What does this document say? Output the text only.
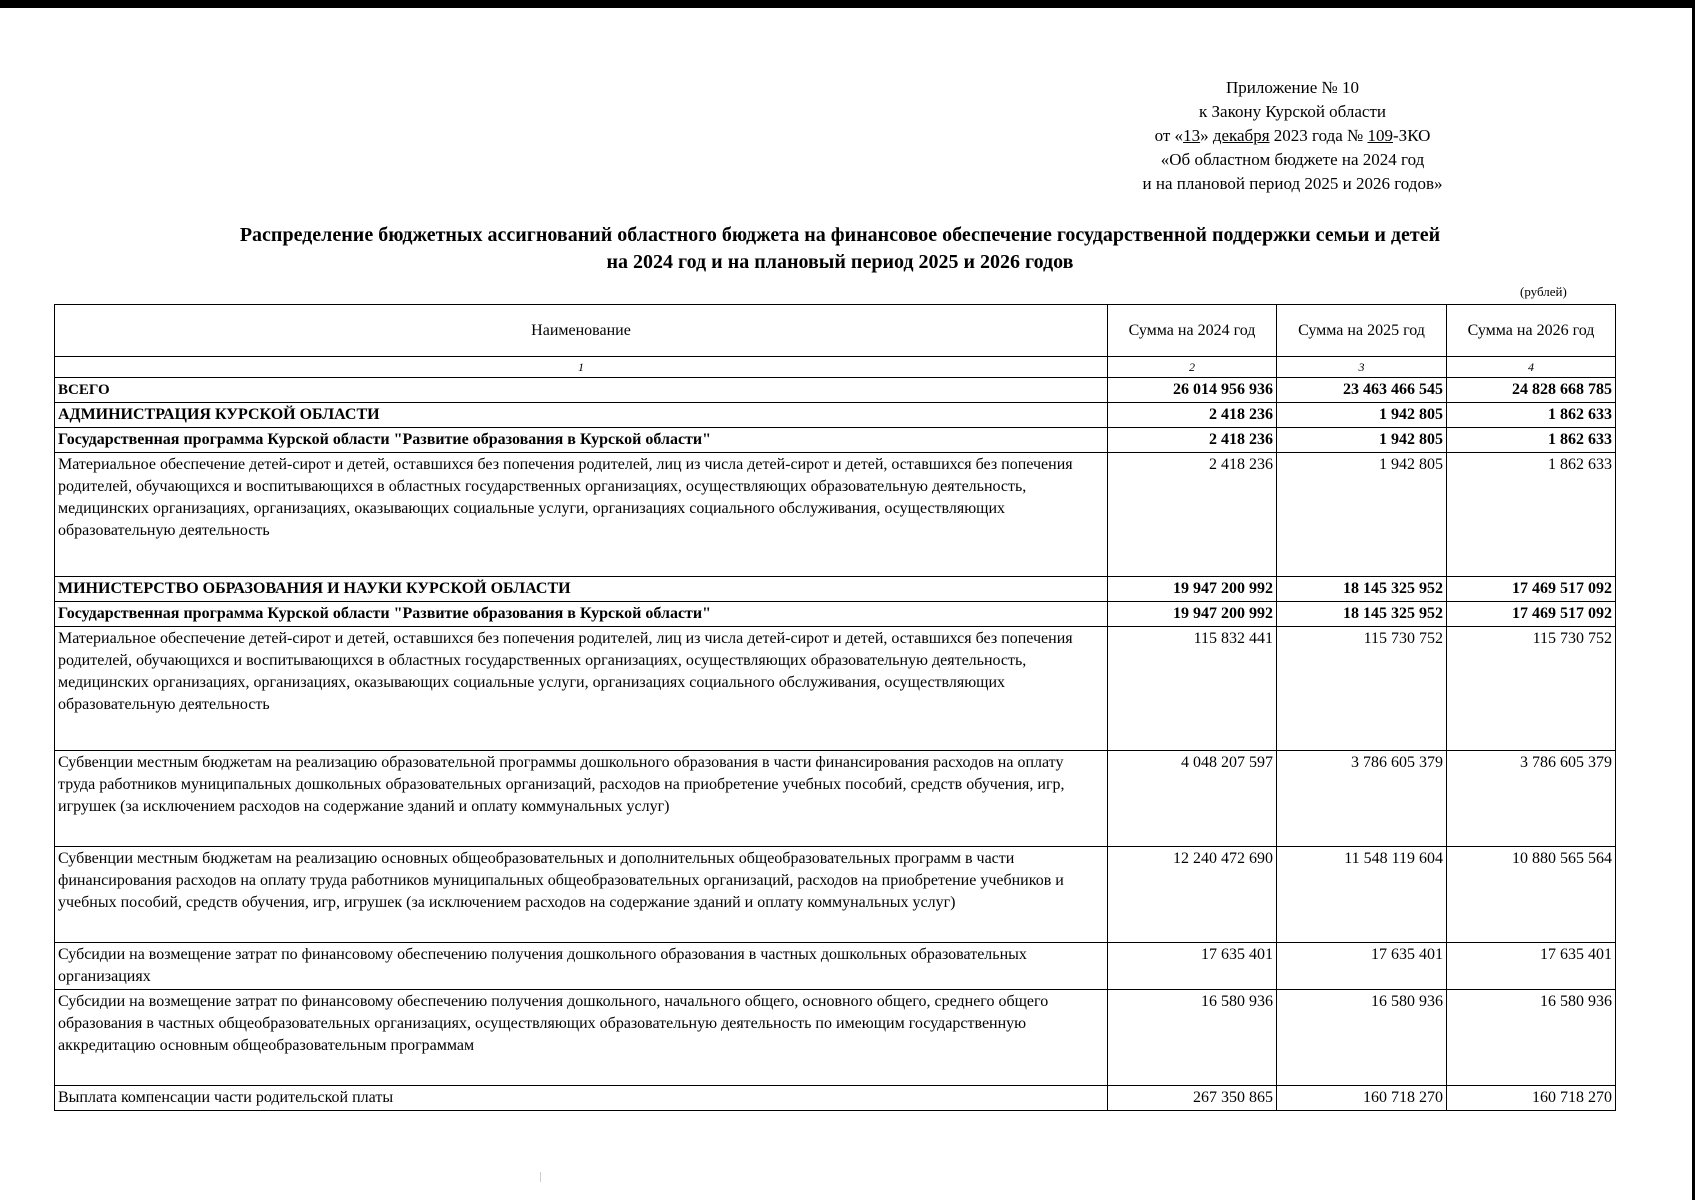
Приложение № 10
к Закону Курской области
от «13» декабря 2023 года № 109-ЗКО
«Об областном бюджете на 2024 год
и на плановой период 2025 и 2026 годов»
Распределение бюджетных ассигнований областного бюджета на финансовое обеспечение государственной поддержки семьи и детей
на 2024 год и на плановый период 2025 и 2026 годов
(рублей)
Наименование	Сумма на 2024 год	Сумма на 2025 год	Сумма на 2026 год
1	2	3	4
ВСЕГО	26 014 956 936	23 463 466 545	24 828 668 785
АДМИНИСТРАЦИЯ КУРСКОЙ ОБЛАСТИ	2 418 236	1 942 805	1 862 633
Государственная программа Курской области "Развитие образования в Курской области"	2 418 236	1 942 805	1 862 633
Материальное обеспечение детей-сирот и детей, оставшихся без попечения родителей, лиц из числа детей-сирот и детей, оставшихся без попечения родителей, обучающихся и воспитывающихся в областных государственных организациях, осуществляющих образовательную деятельность, медицинских организациях, организациях, оказывающих социальные услуги, организациях социального обслуживания, осуществляющих образовательную деятельность	2 418 236	1 942 805	1 862 633
МИНИСТЕРСТВО ОБРАЗОВАНИЯ И НАУКИ КУРСКОЙ ОБЛАСТИ	19 947 200 992	18 145 325 952	17 469 517 092
Государственная программа Курской области "Развитие образования в Курской области"	19 947 200 992	18 145 325 952	17 469 517 092
Материальное обеспечение детей-сирот и детей, оставшихся без попечения родителей, лиц из числа детей-сирот и детей, оставшихся без попечения родителей, обучающихся и воспитывающихся в областных государственных организациях, осуществляющих образовательную деятельность, медицинских организациях, организациях, оказывающих социальные услуги, организациях социального обслуживания, осуществляющих образовательную деятельность	115 832 441	115 730 752	115 730 752
Субвенции местным бюджетам на реализацию образовательной программы дошкольного образования в части финансирования расходов на оплату труда работников муниципальных дошкольных образовательных организаций, расходов на приобретение учебных пособий, средств обучения, игр, игрушек (за исключением расходов на содержание зданий и оплату коммунальных услуг)	4 048 207 597	3 786 605 379	3 786 605 379
Субвенции местным бюджетам на реализацию основных общеобразовательных и дополнительных общеобразовательных программ в части финансирования расходов на оплату труда работников муниципальных общеобразовательных организаций, расходов на приобретение учебников и учебных пособий, средств обучения, игр, игрушек (за исключением расходов на содержание зданий и оплату коммунальных услуг)	12 240 472 690	11 548 119 604	10 880 565 564
Субсидии на возмещение затрат по финансовому обеспечению получения дошкольного образования в частных дошкольных образовательных организациях	17 635 401	17 635 401	17 635 401
Субсидии на возмещение затрат по финансовому обеспечению получения дошкольного, начального общего, основного общего, среднего общего образования в частных общеобразовательных организациях, осуществляющих образовательную деятельность по имеющим государственную аккредитацию основным общеобразовательным программам	16 580 936	16 580 936	16 580 936
Выплата компенсации части родительской платы	267 350 865	160 718 270	160 718 270
